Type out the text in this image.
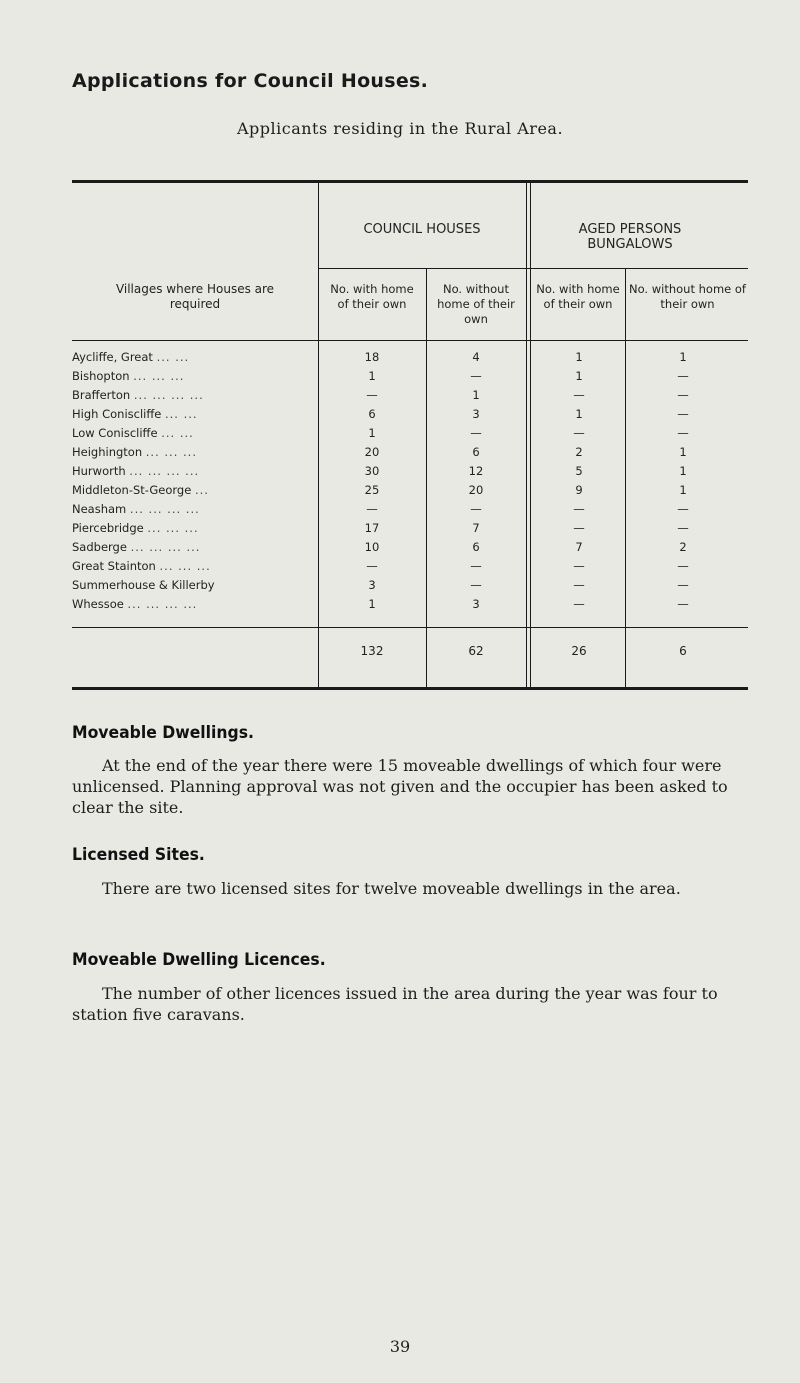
Applications for Council Houses.
Applicants residing in the Rural Area.
COUNCIL HOUSES	AGED PERSONS BUNGALOWS
Villages where Houses are required
No. with home of their own
No. without home of their own
No. with home of their own
No. without home of their own
Aycliffe, Great ... ...	18	4	1	1
Bishopton ... ... ...	1	—	1	—
Brafferton ... ... ... ...	—	1	—	—
High Coniscliffe ... ...	6	3	1	—
Low Coniscliffe ... ...	1	—	—	—
Heighington ... ... ...	20	6	2	1
Hurworth ... ... ... ...	30	12	5	1
Middleton-St-George ...	25	20	9	1
Neasham ... ... ... ...	—	—	—	—
Piercebridge ... ... ...	17	7	—	—
Sadberge ... ... ... ...	10	6	7	2
Great Stainton ... ... ...	—	—	—	—
Summerhouse & Killerby	3	—	—	—
Whessoe ... ... ... ...	1	3	—	—
132	62	26	6
Moveable Dwellings.
At the end of the year there were 15 moveable dwellings of which four were unlicensed. Planning approval was not given and the occupier has been asked to clear the site.
Licensed Sites.
There are two licensed sites for twelve moveable dwellings in the area.
Moveable Dwelling Licences.
The number of other licences issued in the area during the year was four to station five caravans.
39
